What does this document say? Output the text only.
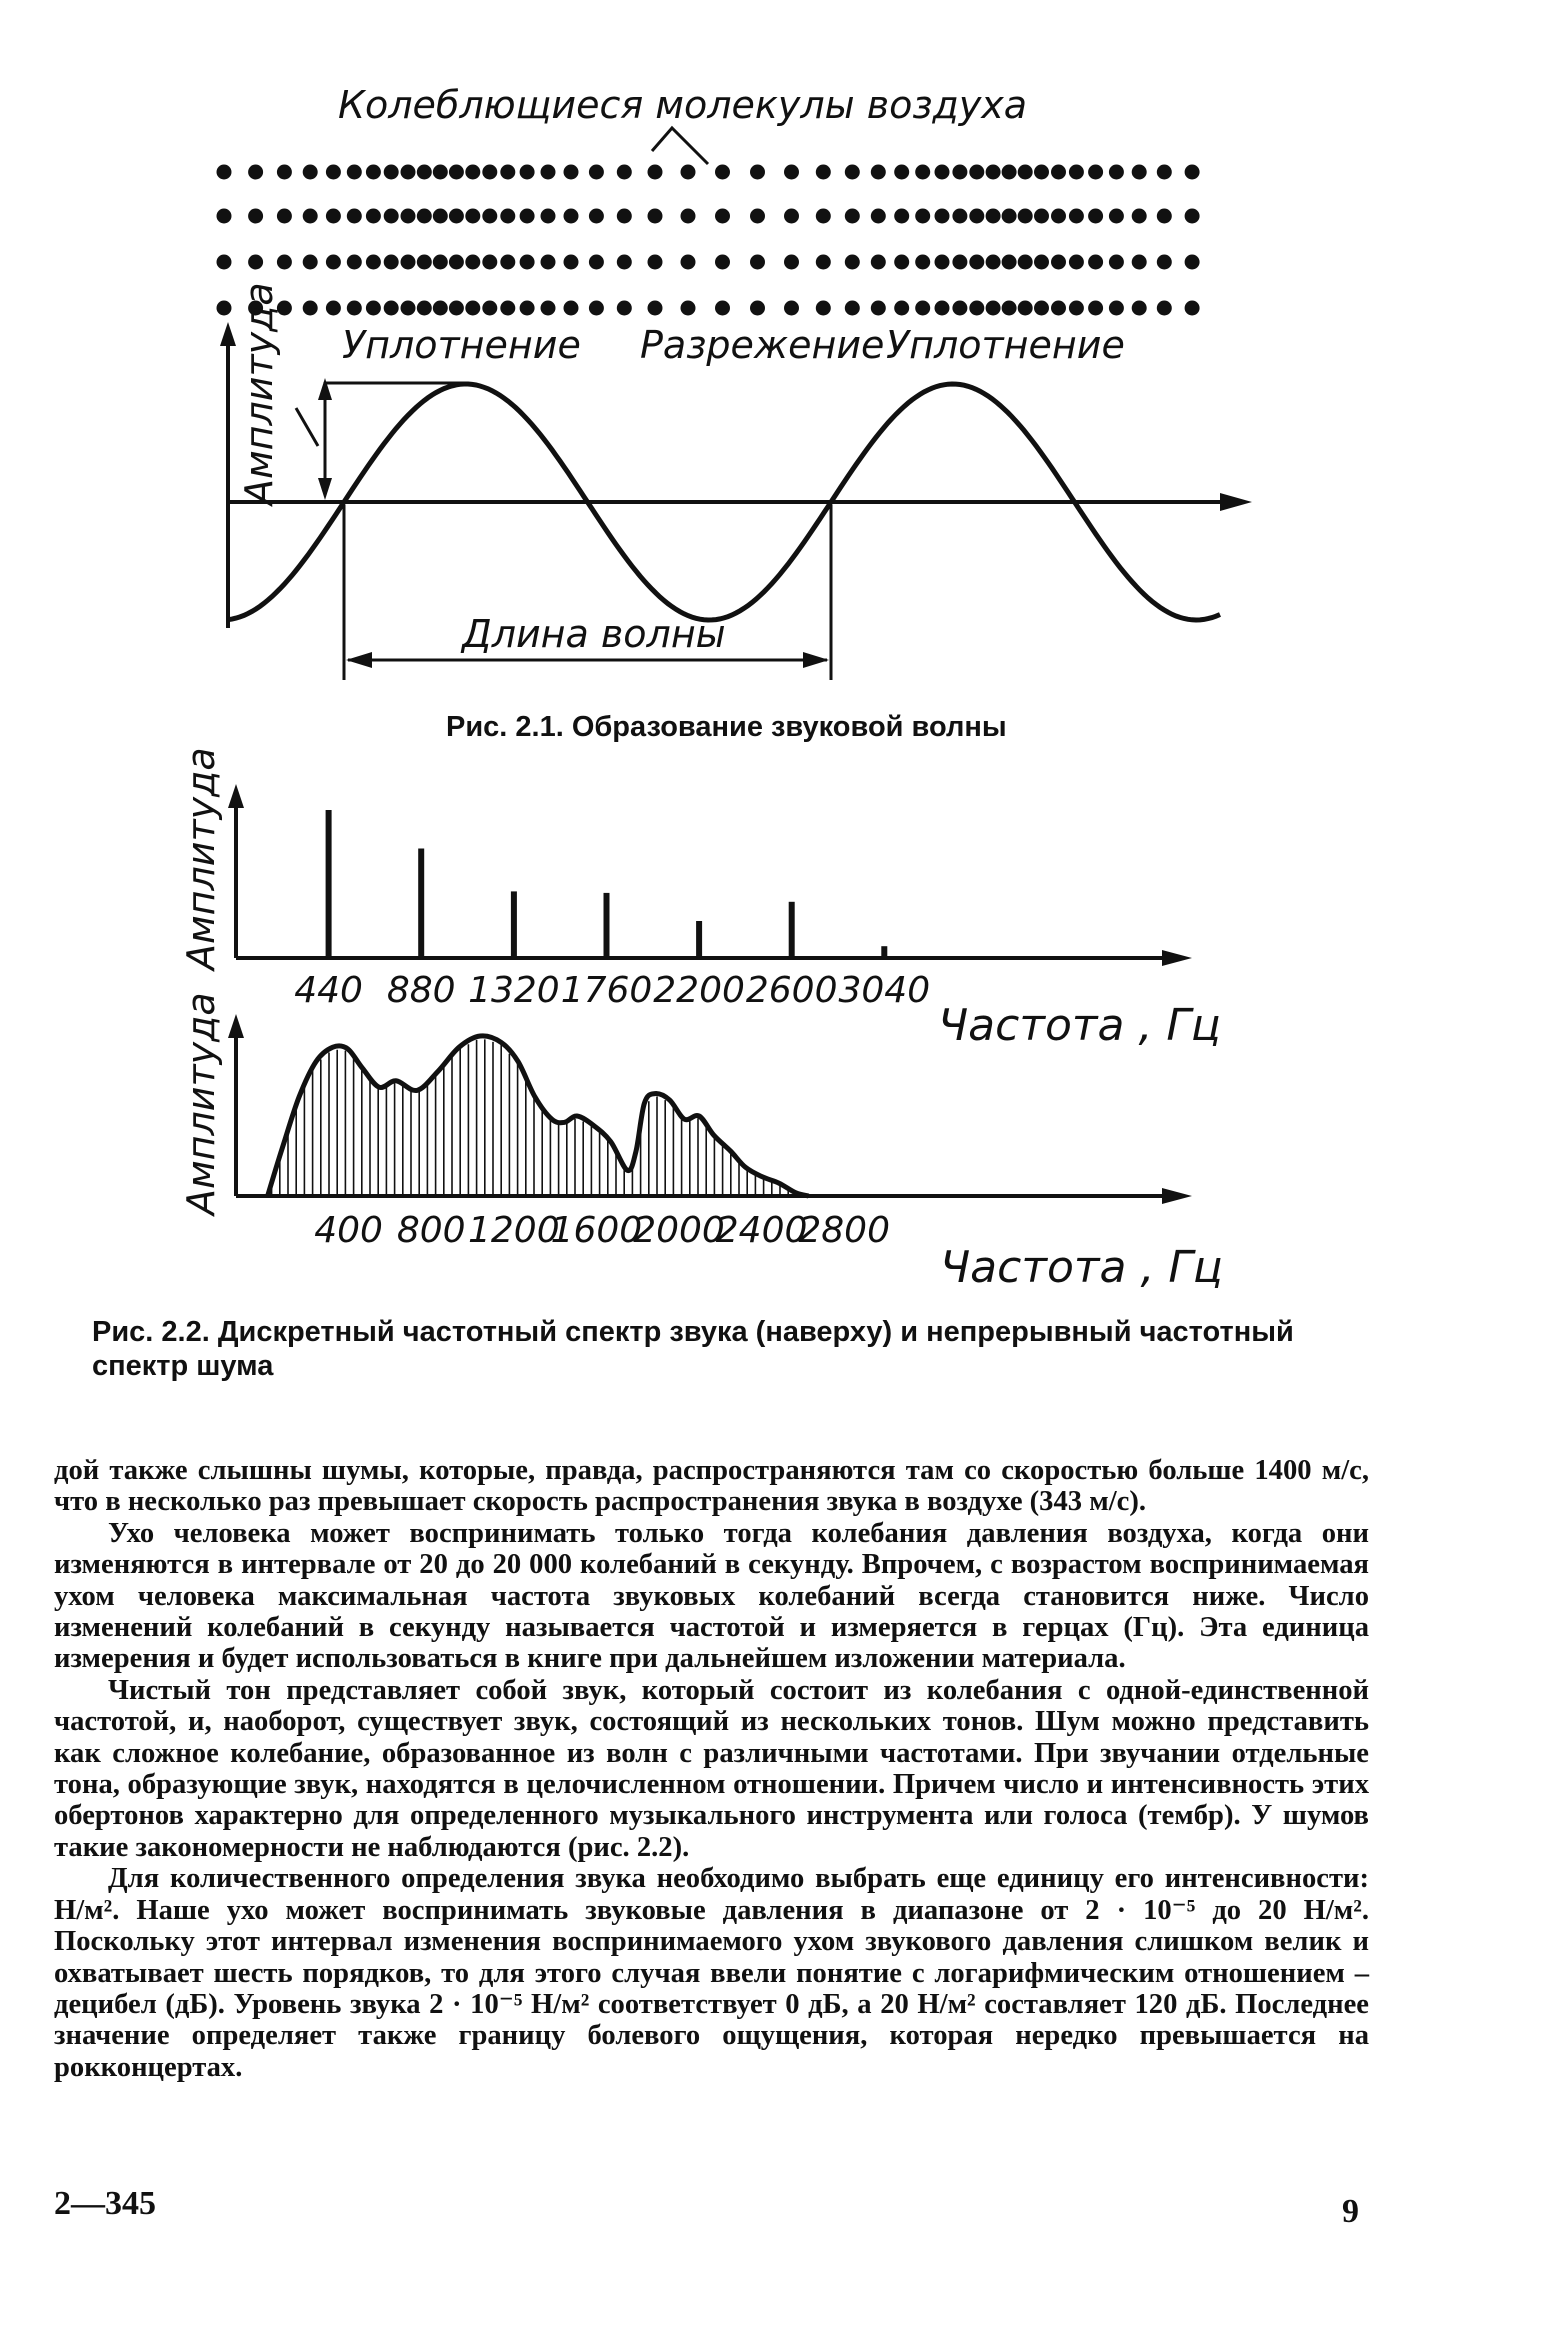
Колеблющиеся молекулы воздуха
Уплотнение Разрежение Уплотнение
Амплитуда
Длина волны
Рис. 2.1. Образование звуковой волны
Амплитуда
440 880 1320 1760 2200 2600 3040
Частота , Гц
Амплитуда
400 800 1200
1600
2000
2400
2800
Частота , Гц
Рис. 2.2. Дискретный частотный спектр звука (наверху) и непрерывный частотный спектр шума

дой также слышны шумы, которые, правда, распространяются там со скоростью больше 1400 м/с, что в несколько раз превышает скорость распространения звука в воздухе (343 м/с).

Ухо человека может воспринимать только тогда колебания давления воздуха, когда они изменяются в интервале от 20 до 20 000 колебаний в секунду. Впрочем, с возрастом воспринимаемая ухом человека максимальная частота звуковых колебаний всегда становится ниже. Число изменений колебаний в секунду называется частотой и измеряется в герцах (Гц). Эта единица измерения и будет использоваться в книге при дальнейшем изложении материала.

Чистый тон представляет собой звук, который состоит из колебания с одной-единственной частотой, и, наоборот, существует звук, состоящий из нескольких тонов. Шум можно представить как сложное колебание, образованное из волн с различными частотами. При звучании отдельные тона, образующие звук, находятся в целочисленном отношении. Причем число и интенсивность этих обертонов характерно для определенного музыкального инструмента или голоса (тембр). У шумов такие закономерности не наблюдаются (рис. 2.2).

Для количественного определения звука необходимо выбрать еще единицу его интенсивности: Н/м². Наше ухо может воспринимать звуковые давления в диапазоне от 2 · 10⁻⁵ до 20 Н/м². Поскольку этот интервал изменения воспринимаемого ухом звукового давления слишком велик и охватывает шесть порядков, то для этого случая ввели понятие с логарифмическим отношением – децибел (дБ). Уровень звука 2 · 10⁻⁵ Н/м² соответствует 0 дБ, а 20 Н/м² составляет 120 дБ. Последнее значение определяет также границу болевого ощущения, которая нередко превышается на рокконцертах.

2—345	9
